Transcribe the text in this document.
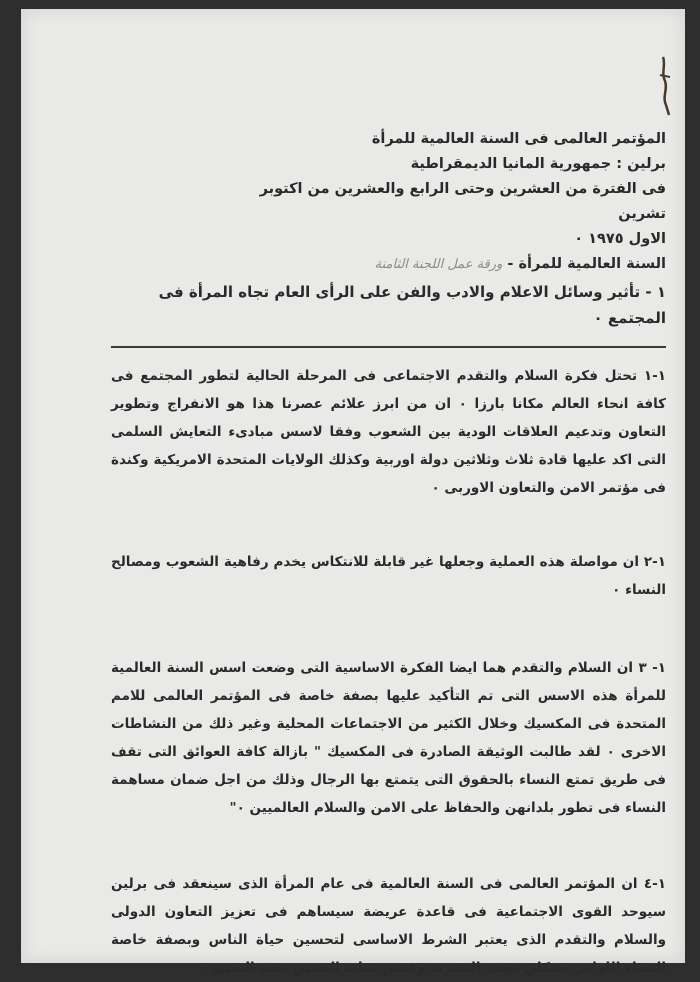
المؤتمر العالمى فى السنة العالمية للمرأة

برلين : جمهورية المانيا الديمقراطية

فى الفترة من العشرين وحتى الرابع والعشرين من اكتوبر تشرين

الاول ١٩٧٥ ٠

السنة العالمية للمرأة - ورقة عمل اللجنة الثامنة

١ - تأثير وسائل الاعلام والادب والفن على الرأى العام تجاه المرأة فى المجتمع ٠

١-١ تحتل فكرة السلام والتقدم الاجتماعى فى المرحلة الحالية لتطور المجتمع فى كافة انحاء العالم مكانا بارزا ٠ ان من ابرز علائم عصرنا هذا هو الانفراج وتطوير التعاون وتدعيم العلاقات الودية بين الشعوب وفقا لاسس مبادىء التعايش السلمى التى اكد عليها قادة ثلاث وثلاثين دولة اوربية وكذلك الولايات المتحدة الامريكية وكندة فى مؤتمر الامن والتعاون الاوربى ٠

١-٢ ان مواصلة هذه العملية وجعلها غير قابلة للانتكاس يخدم رفاهية الشعوب ومصالح النساء ٠

١- ٣ ان السلام والتقدم هما ايضا الفكرة الاساسية التى وضعت اسس السنة العالمية للمرأة هذه الاسس التى تم التأكيد عليها بصفة خاصة فى المؤتمر العالمى للامم المتحدة فى المكسيك وخلال الكثير من الاجتماعات المحلية وغير ذلك من النشاطات الاخرى ٠ لقد طالبت الوثيقة الصادرة فى المكسيك " بازالة كافة العوائق التى تقف فى طريق تمتع النساء بالحقوق التى يتمتع بها الرجال وذلك من اجل ضمان مساهمة النساء فى تطور بلدانهن والحفاظ على الامن والسلام العالميين ٠"

١-٤ ان المؤتمر العالمى فى السنة العالمية فى عام المرأة الذى سينعقد فى برلين سيوحد القوى الاجتماعية فى قاعدة عريضة سيساهم فى تعزيز التعاون الدولى والسلام والتقدم الذى يعتبر الشرط الاساسى لتحسين حياة الناس وبصفة خاصة النساء اللواتى يشكلن نصف البشرية وعشن مئات السنين تحت التمييز ٠
